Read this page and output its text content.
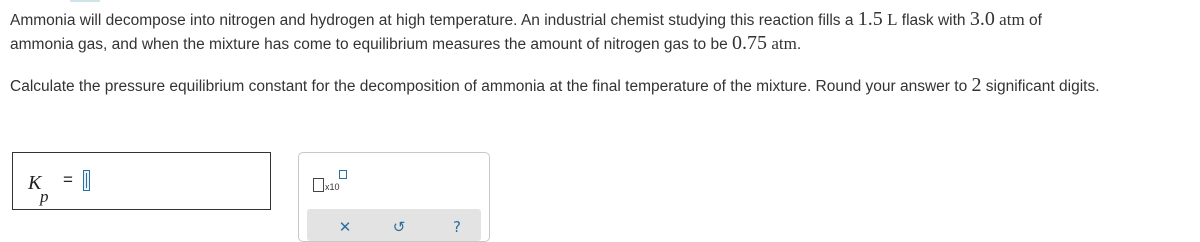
Ammonia will decompose into nitrogen and hydrogen at high temperature. An industrial chemist studying this reaction fills a 1.5 L flask with 3.0 atm of
ammonia gas, and when the mixture has come to equilibrium measures the amount of nitrogen gas to be 0.75 atm.
Calculate the pressure equilibrium constant for the decomposition of ammonia at the final temperature of the mixture. Round your answer to 2 significant digits.
K
p
=	x10
✕	↺	?
